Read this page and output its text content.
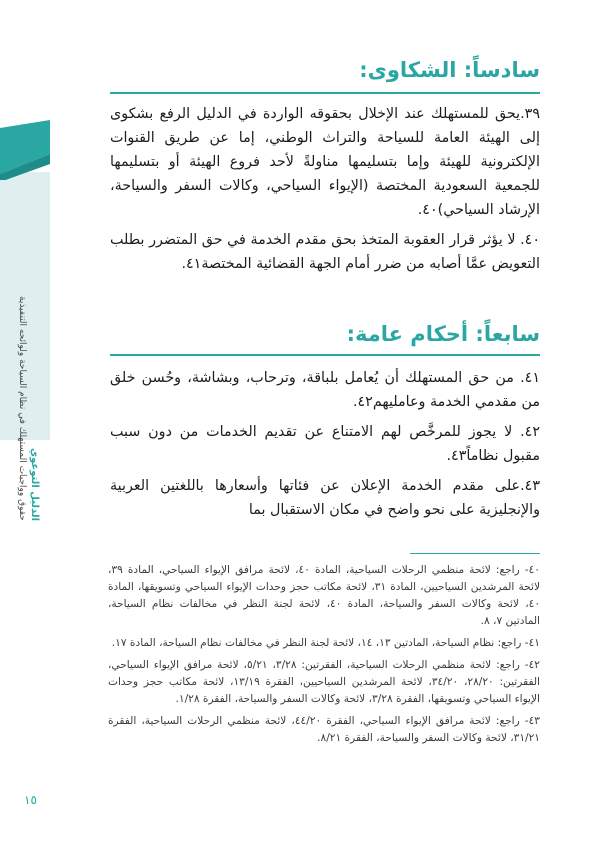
الدليل التوعوي
حقوق وواجبات المستهلك في نظام السياحة ولوائحه التنفيذية
سادساً: الشكاوى:

٣٩.يحق للمستهلك عند الإخلال بحقوقه الواردة في الدليل الرفع بشكوى إلى الهيئة العامة للسياحة والتراث الوطني، إما عن طريق القنوات الإلكترونية للهيئة وإما بتسليمها مناولةً لأحد فروع الهيئة أو بتسليمها للجمعية السعودية المختصة (الإيواء السياحي، وكالات السفر والسياحة، الإرشاد السياحي)٤٠.

٤٠. لا يؤثر قرار العقوبة المتخذ بحق مقدم الخدمة في حق المتضرر بطلب التعويض عمَّا أصابه من ضرر أمام الجهة القضائية المختصة٤١.

سابعاً: أحكام عامة:

٤١. من حق المستهلك أن يُعامل بلباقة، وترحاب، وبشاشة، وحُسن خلق من مقدمي الخدمة وعامليهم٤٢.

٤٢. لا يجوز للمرخَّص لهم الامتناع عن تقديم الخدمات من دون سبب مقبول نظاماً٤٣.

٤٣.على مقدم الخدمة الإعلان عن فئاتها وأسعارها باللغتين العربية والإنجليزية على نحو واضح في مكان الاستقبال بما

٤٠- راجع: لائحة منظمي الرحلات السياحية، المادة ٤٠، لائحة مرافق الإيواء السياحي، المادة ٣٩، لائحة المرشدين السياحيين، المادة ٣١، لائحة مكاتب حجز وحدات الإيواء السياحي وتسويقها، المادة ٤٠، لائحة وكالات السفر والسياحة، المادة ٤٠، لائحة لجنة النظر في مخالفات نظام السياحة، المادتين ٧، ٨.

٤١- راجع: نظام السياحة، المادتين ١٣، ١٤، لائحة لجنة النظر في مخالفات نظام السياحة، المادة ١٧.

٤٢- راجع: لائحة منظمي الرحلات السياحية، الفقرتين: ٣/٢٨، ٥/٢١، لائحة مرافق الإيواء السياحي، الفقرتين: ٢٨/٢٠، ٣٤/٢٠، لائحة المرشدين السياحيين، الفقرة ١٣/١٩، لائحة مكاتب حجز وحدات الإيواء السياحي وتسويقها، الفقرة ٣/٢٨، لائحة وكالات السفر والسياحة، الفقرة ١/٢٨.

٤٣- راجع: لائحة مرافق الإيواء السياحي، الفقرة ٤٤/٢٠، لائحة منظمي الرحلات السياحية، الفقرة ٣١/٢١، لائحة وكالات السفر والسياحة، الفقرة ٨/٢١.

١٥
